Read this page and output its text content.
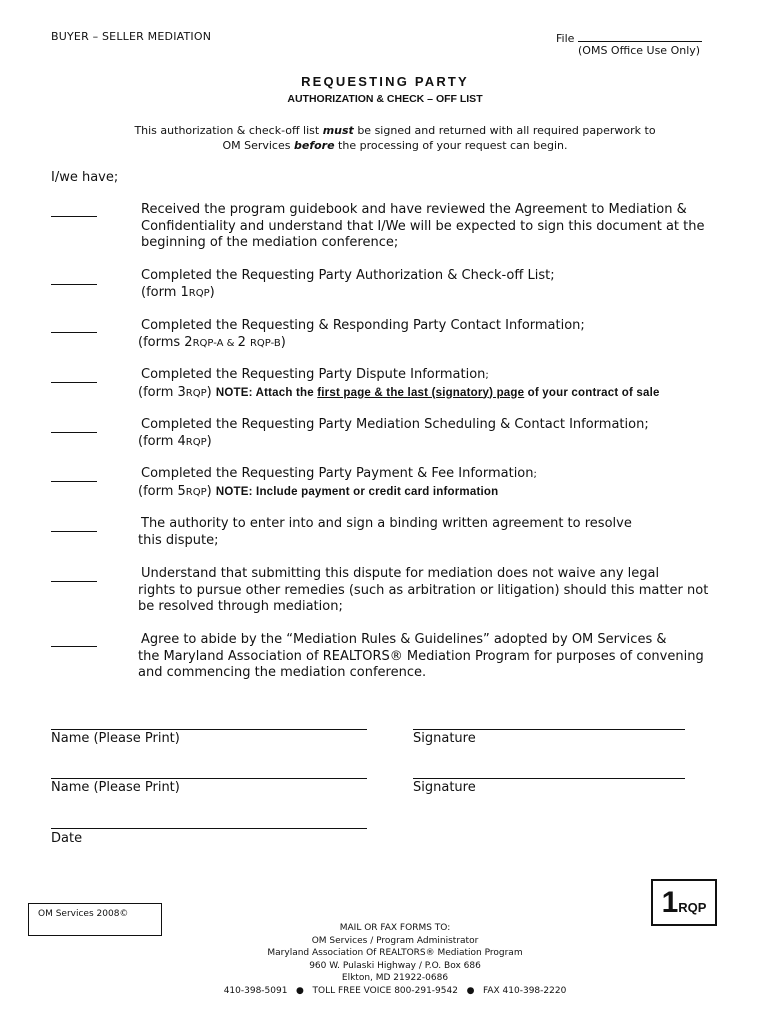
BUYER – SELLER MEDIATION	File
(OMS Office Use Only)
REQUESTING PARTY
AUTHORIZATION & CHECK – OFF LIST
This authorization & check-off list must be signed and returned with all required paperwork to
OM Services before the processing of your request can begin.
I/we have;
Received the program guidebook and have reviewed the Agreement to Mediation &
Confidentiality and understand that I/We will be expected to sign this document at the
beginning of the mediation conference;
Completed the Requesting Party Authorization & Check-off List;
(form 1RQP)
Completed the Requesting & Responding Party Contact Information;
(forms 2RQP-A & 2 RQP-B)
Completed the Requesting Party Dispute Information;
(form 3RQP) NOTE: Attach the first page & the last (signatory) page of your contract of sale
Completed the Requesting Party Mediation Scheduling & Contact Information;
(form 4RQP)
Completed the Requesting Party Payment & Fee Information;
(form 5RQP) NOTE: Include payment or credit card information
The authority to enter into and sign a binding written agreement to resolve
this dispute;
Understand that submitting this dispute for mediation does not waive any legal
rights to pursue other remedies (such as arbitration or litigation) should this matter not
be resolved through mediation;
Agree to abide by the “Mediation Rules & Guidelines” adopted by OM Services &
the Maryland Association of REALTORS® Mediation Program for purposes of convening
and commencing the mediation conference.
Name (Please Print)	Signature
Name (Please Print)	Signature
Date
OM Services 2008©	1RQP
MAIL OR FAX FORMS TO:
OM Services / Program Administrator
Maryland Association Of REALTORS® Mediation Program
960 W. Pulaski Highway / P.O. Box 686
Elkton, MD 21922-0686
410-398-5091 ● TOLL FREE VOICE 800-291-9542 ● FAX 410-398-2220
